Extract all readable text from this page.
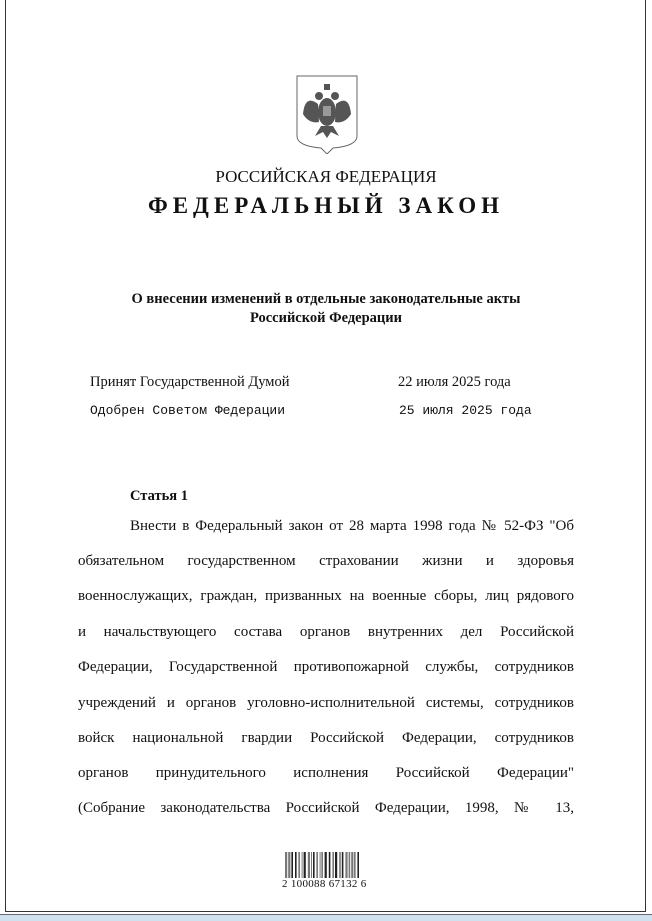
РОССИЙСКАЯ ФЕДЕРАЦИЯ
ФЕДЕРАЛЬНЫЙ ЗАКОН
О внесении изменений в отдельные законодательные акты
Российской Федерации
Принят Государственной Думой	22 июля 2025 года
Одобрен Советом Федерации	25 июля 2025 года
Статья 1
Внести в Федеральный закон от 28 марта 1998 года № 52-ФЗ "Об
обязательном государственном страховании жизни и здоровья
военнослужащих, граждан, призванных на военные сборы, лиц рядового
и начальствующего состава органов внутренних дел Российской
Федерации, Государственной противопожарной службы, сотрудников
учреждений и органов уголовно-исполнительной системы, сотрудников
войск национальной гвардии Российской Федерации, сотрудников
органов принудительного исполнения Российской Федерации"
(Собрание законодательства Российской Федерации, 1998, № 13,
2 100088 67132 6
